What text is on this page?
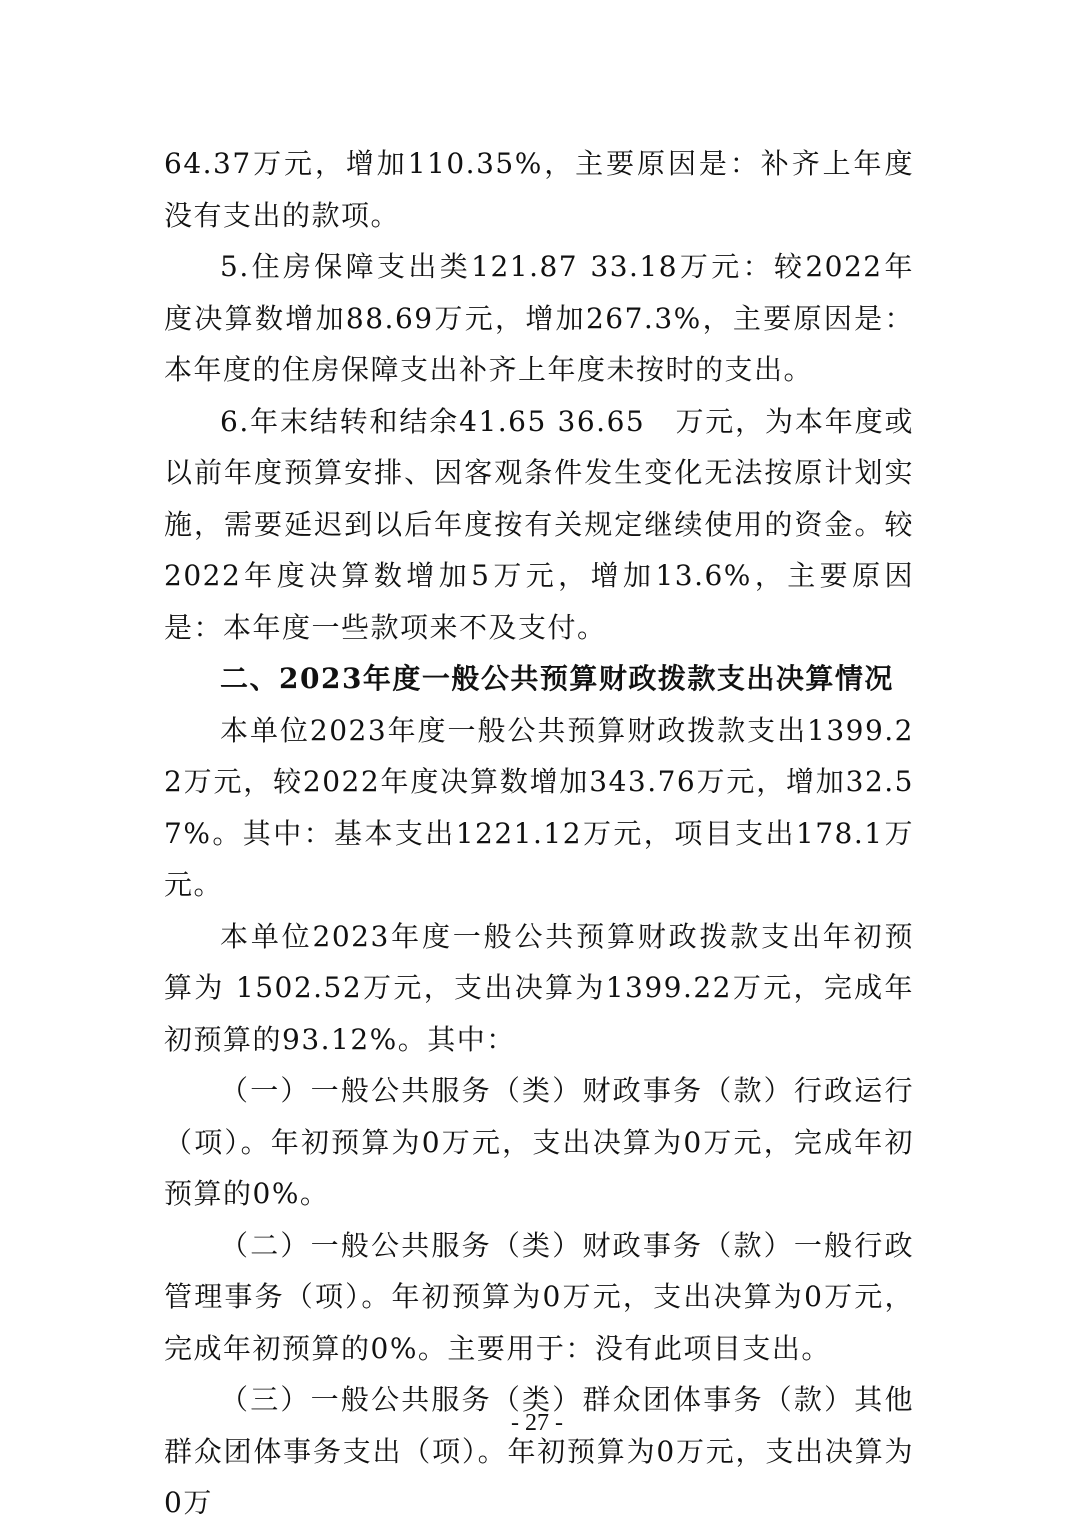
64.37万元，增加110.35%，主要原因是：补齐上年度没有支出的款项。

5.住房保障支出类121.87 33.18万元：较2022年度决算数增加88.69万元，增加267.3%，主要原因是：本年度的住房保障支出补齐上年度未按时的支出。

6.年末结转和结余41.65 36.65　万元，为本年度或以前年度预算安排、因客观条件发生变化无法按原计划实施，需要延迟到以后年度按有关规定继续使用的资金。较2022年度决算数增加5万元，增加13.6%，主要原因是：本年度一些款项来不及支付。

二、2023年度一般公共预算财政拨款支出决算情况

本单位2023年度一般公共预算财政拨款支出1399.22万元，较2022年度决算数增加343.76万元，增加32.57%。其中：基本支出1221.12万元，项目支出178.1万元。

本单位2023年度一般公共预算财政拨款支出年初预算为 1502.52万元，支出决算为1399.22万元，完成年初预算的93.12%。其中：

（一）一般公共服务（类）财政事务（款）行政运行（项）。年初预算为0万元，支出决算为0万元，完成年初预算的0%。

（二）一般公共服务（类）财政事务（款）一般行政管理事务（项）。年初预算为0万元，支出决算为0万元，完成年初预算的0%。主要用于：没有此项目支出。

（三）一般公共服务（类）群众团体事务（款）其他群众团体事务支出（项）。年初预算为0万元，支出决算为0万

- 27 -
